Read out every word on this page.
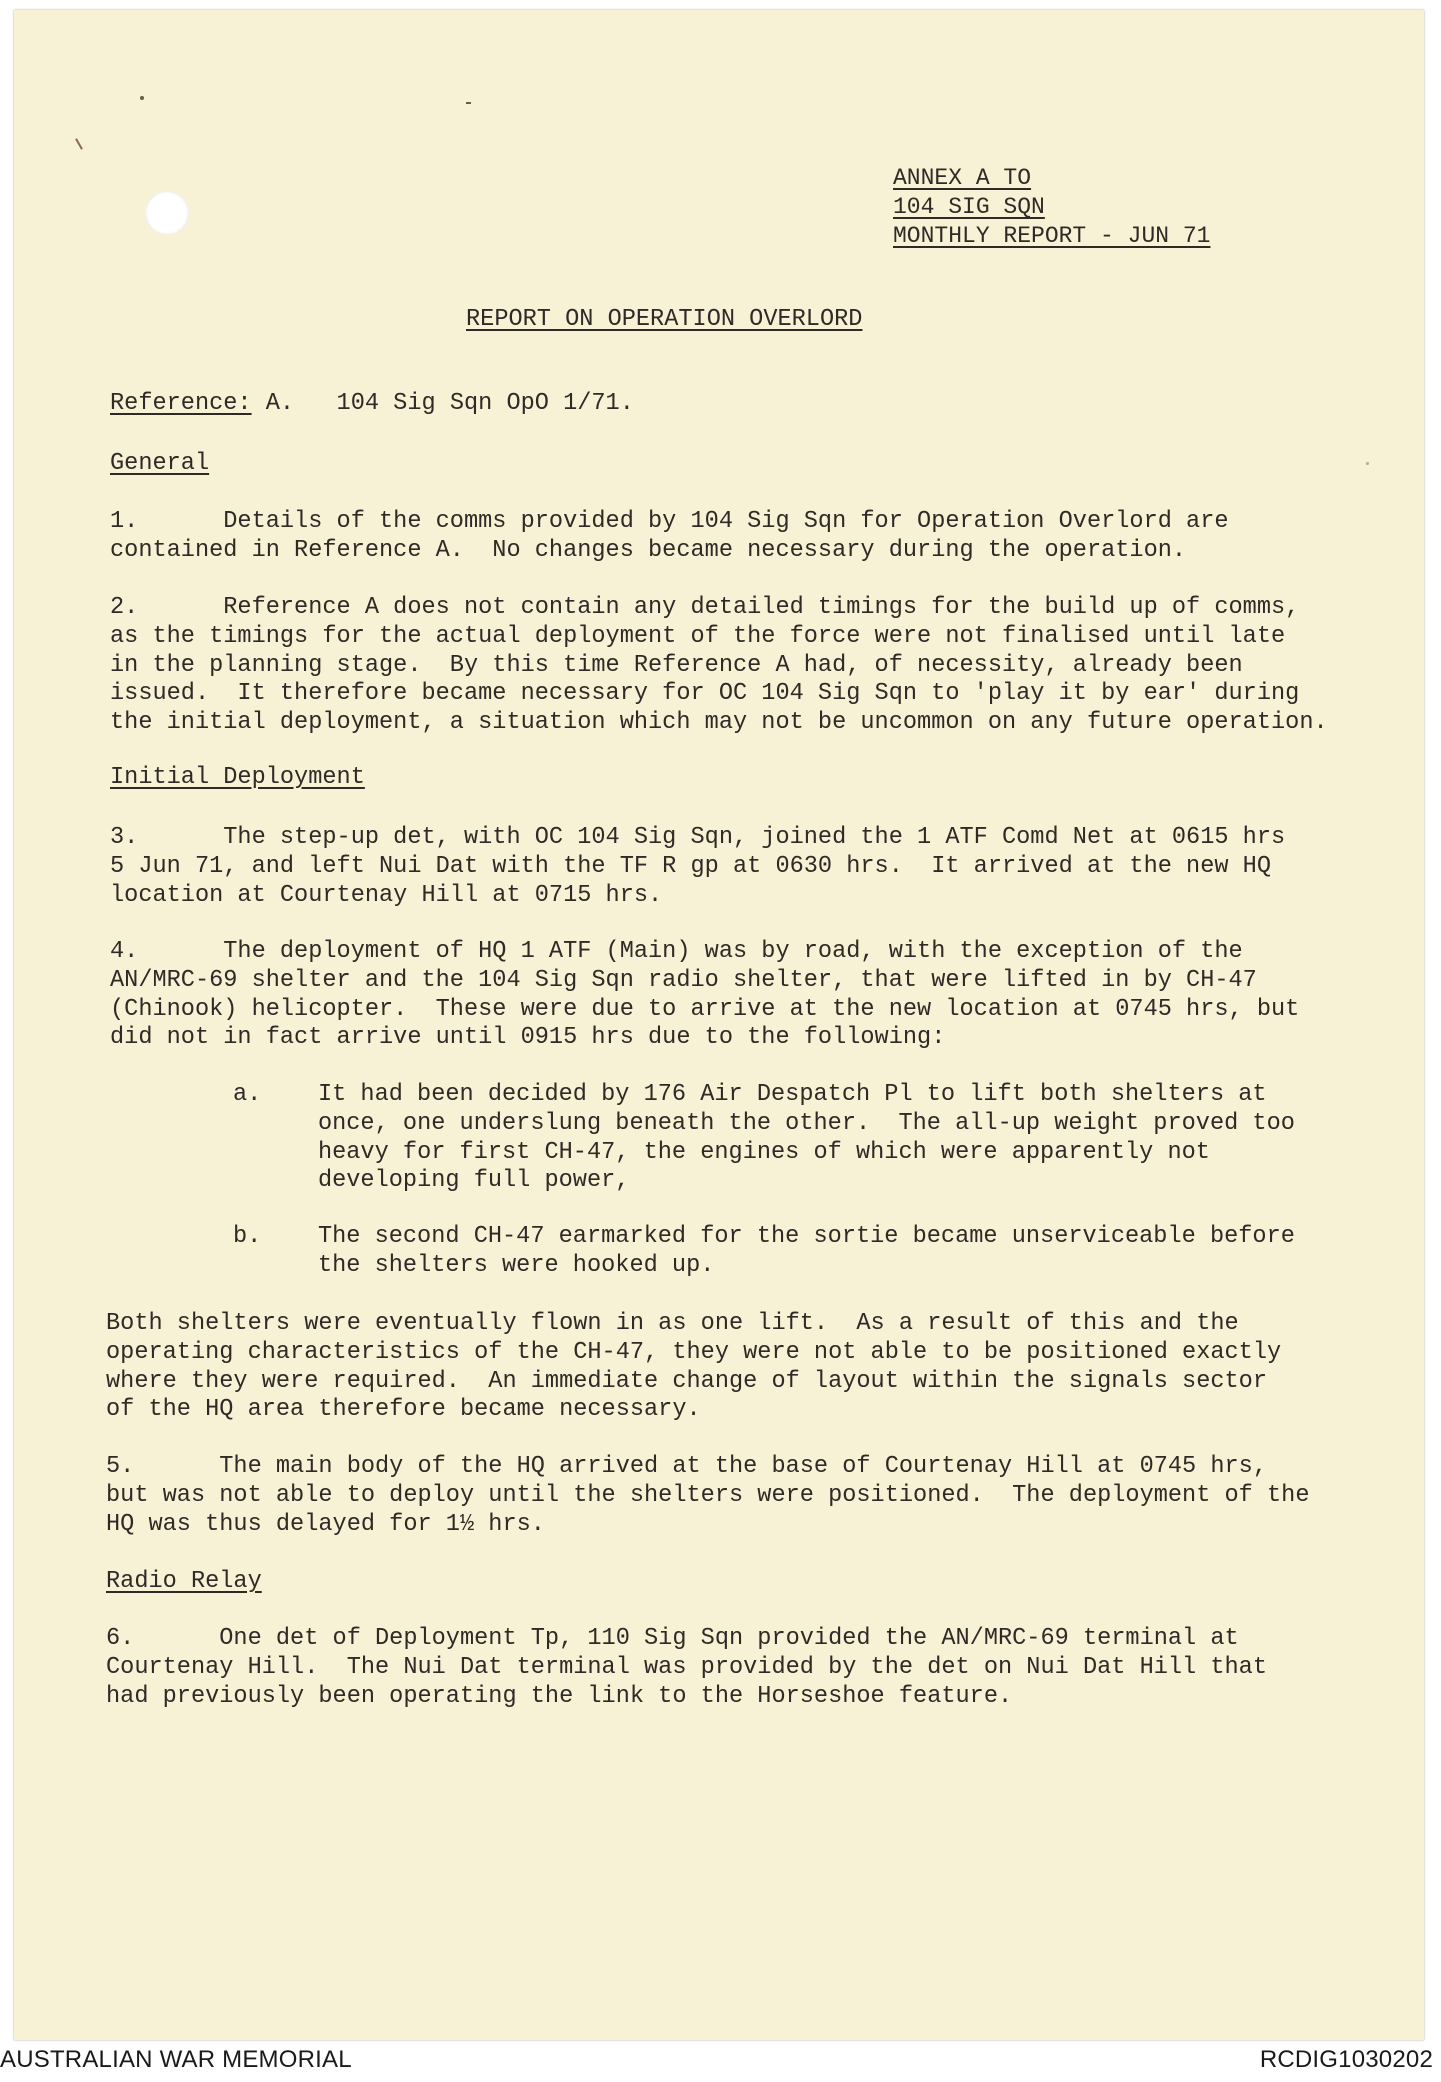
ANNEX A TO
104 SIG SQN
MONTHLY REPORT - JUN 71
REPORT ON OPERATION OVERLORD
Reference: A.   104 Sig Sqn OpO 1/71.
General
1.      Details of the comms provided by 104 Sig Sqn for Operation Overlord are
contained in Reference A.  No changes became necessary during the operation.
2.      Reference A does not contain any detailed timings for the build up of comms,
as the timings for the actual deployment of the force were not finalised until late
in the planning stage.  By this time Reference A had, of necessity, already been
issued.  It therefore became necessary for OC 104 Sig Sqn to 'play it by ear' during
the initial deployment, a situation which may not be uncommon on any future operation.
Initial Deployment
3.      The step-up det, with OC 104 Sig Sqn, joined the 1 ATF Comd Net at 0615 hrs
5 Jun 71, and left Nui Dat with the TF R gp at 0630 hrs.  It arrived at the new HQ
location at Courtenay Hill at 0715 hrs.
4.      The deployment of HQ 1 ATF (Main) was by road, with the exception of the
AN/MRC-69 shelter and the 104 Sig Sqn radio shelter, that were lifted in by CH-47
(Chinook) helicopter.  These were due to arrive at the new location at 0745 hrs, but
did not in fact arrive until 0915 hrs due to the following:
a.    It had been decided by 176 Air Despatch Pl to lift both shelters at
once, one underslung beneath the other.  The all-up weight proved too
heavy for first CH-47, the engines of which were apparently not
developing full power,
b.    The second CH-47 earmarked for the sortie became unserviceable before
the shelters were hooked up.
Both shelters were eventually flown in as one lift.  As a result of this and the
operating characteristics of the CH-47, they were not able to be positioned exactly
where they were required.  An immediate change of layout within the signals sector
of the HQ area therefore became necessary.
5.      The main body of the HQ arrived at the base of Courtenay Hill at 0745 hrs,
but was not able to deploy until the shelters were positioned.  The deployment of the
HQ was thus delayed for 1½ hrs.
Radio Relay
6.      One det of Deployment Tp, 110 Sig Sqn provided the AN/MRC-69 terminal at
Courtenay Hill.  The Nui Dat terminal was provided by the det on Nui Dat Hill that
had previously been operating the link to the Horseshoe feature.
AUSTRALIAN WAR MEMORIAL	RCDIG1030202
